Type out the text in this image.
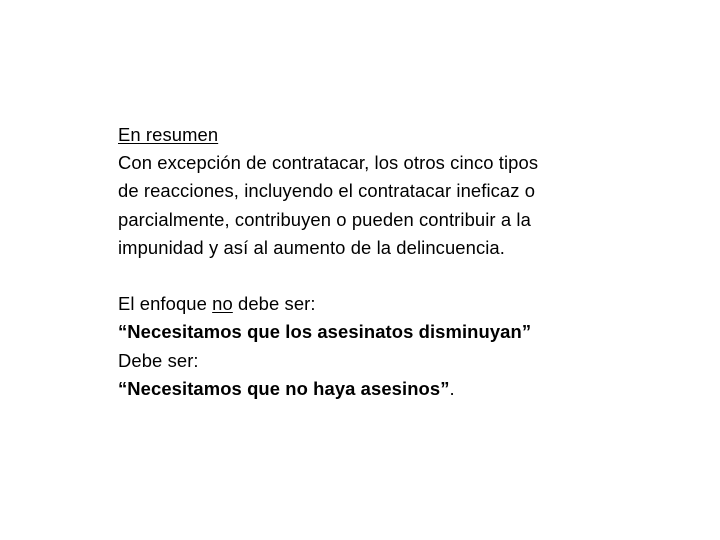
En resumen
Con excepción de contratacar, los otros cinco tipos
de reacciones, incluyendo el contratacar ineficaz o
parcialmente, contribuyen o pueden contribuir a la
impunidad y así al aumento de la delincuencia.
El enfoque no debe ser:
“Necesitamos que los asesinatos disminuyan”
Debe ser:
“Necesitamos que no haya asesinos”.
